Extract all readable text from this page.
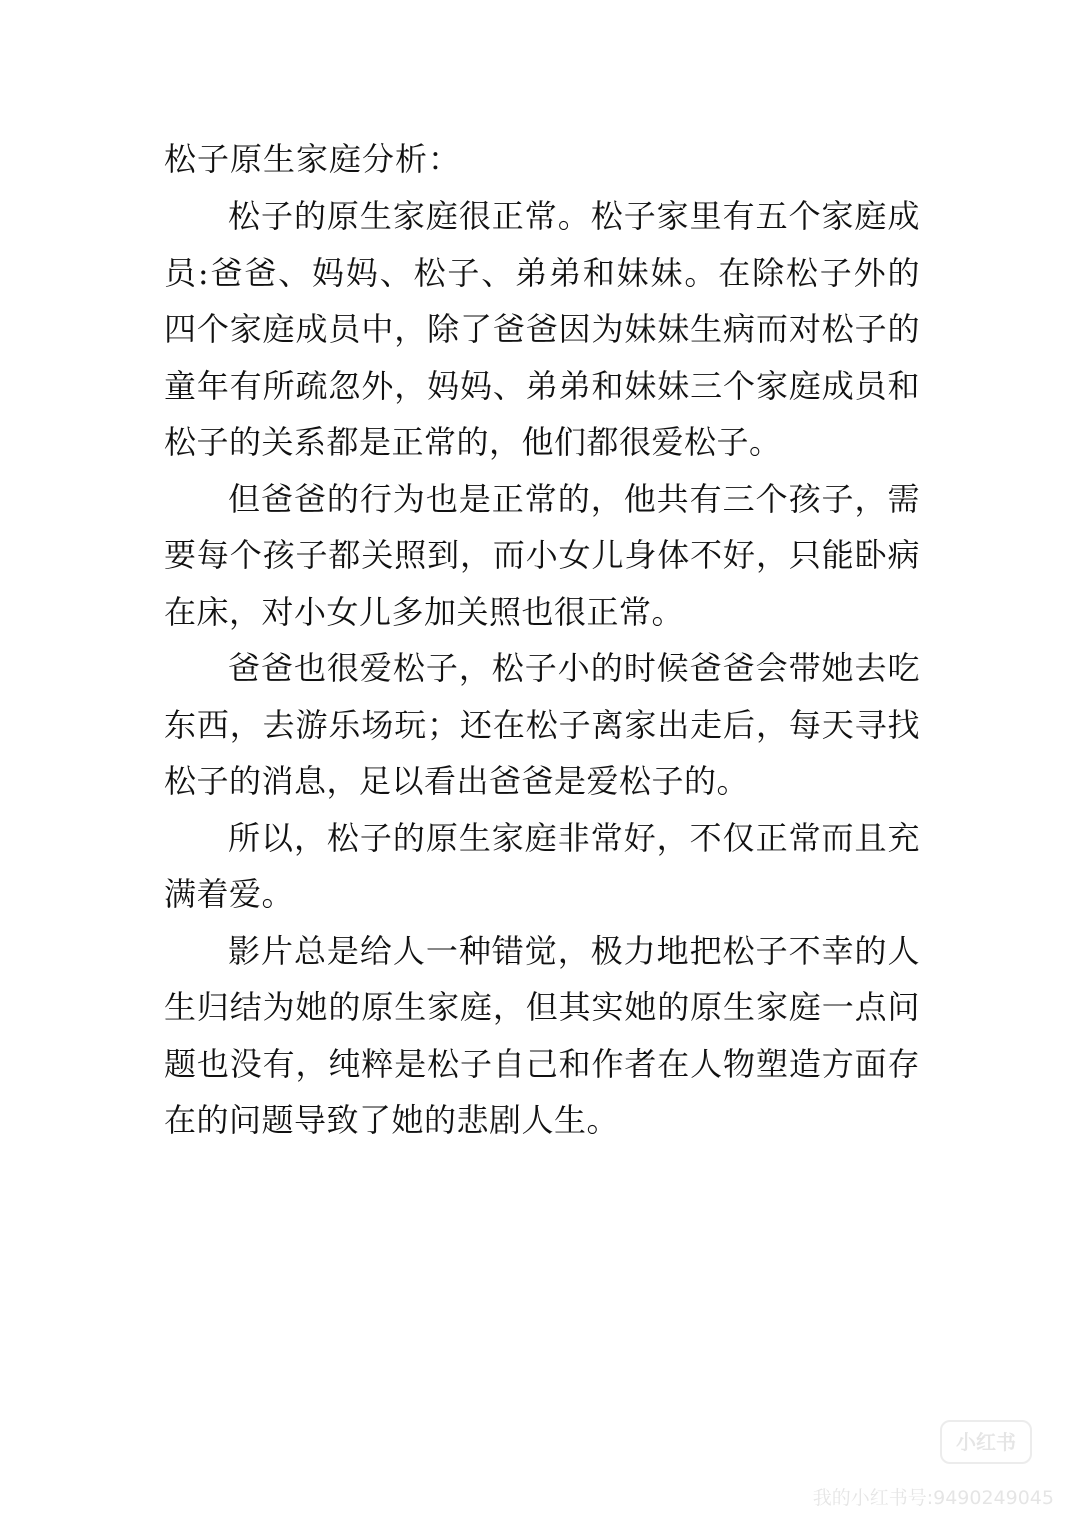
松子原生家庭分析：

松子的原生家庭很正常。松子家里有五个家庭成员:爸爸、妈妈、松子、弟弟和妹妹。在除松子外的四个家庭成员中，除了爸爸因为妹妹生病而对松子的童年有所疏忽外，妈妈、弟弟和妹妹三个家庭成员和松子的关系都是正常的，他们都很爱松子。

但爸爸的行为也是正常的，他共有三个孩子，需要每个孩子都关照到，而小女儿身体不好，只能卧病在床，对小女儿多加关照也很正常。

爸爸也很爱松子，松子小的时候爸爸会带她去吃东西，去游乐场玩；还在松子离家出走后，每天寻找松子的消息，足以看出爸爸是爱松子的。

所以，松子的原生家庭非常好，不仅正常而且充满着爱。

影片总是给人一种错觉，极力地把松子不幸的人生归结为她的原生家庭，但其实她的原生家庭一点问题也没有，纯粹是松子自己和作者在人物塑造方面存在的问题导致了她的悲剧人生。

小红书
我的小红书号:9490249045
